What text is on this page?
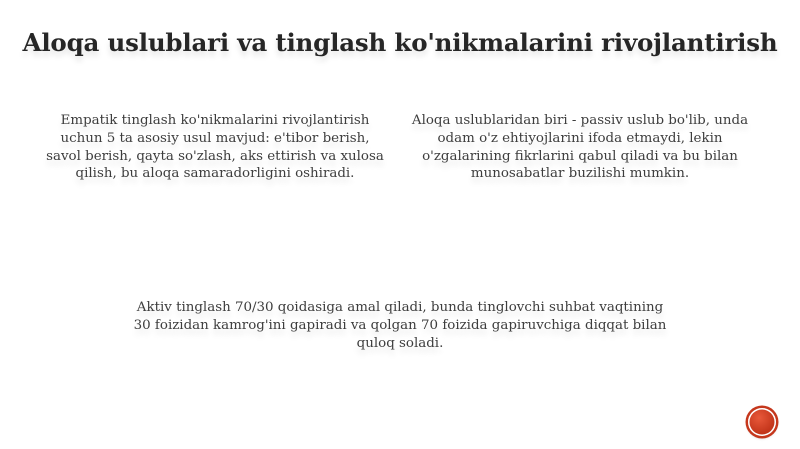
Aloqa uslublari va tinglash ko'nikmalarini rivojlantirish
Empatik tinglash ko'nikmalarini rivojlantirish uchun 5 ta asosiy usul mavjud: e'tibor berish, savol berish, qayta so'zlash, aks ettirish va xulosa qilish, bu aloqa samaradorligini oshiradi.
Aloqa uslublaridan biri - passiv uslub bo'lib, unda odam o'z ehtiyojlarini ifoda etmaydi, lekin o'zgalarining fikrlarini qabul qiladi va bu bilan munosabatlar buzilishi mumkin.
Aktiv tinglash 70/30 qoidasiga amal qiladi, bunda tinglovchi suhbat vaqtining 30 foizidan kamrog'ini gapiradi va qolgan 70 foizida gapiruvchiga diqqat bilan quloq soladi.
